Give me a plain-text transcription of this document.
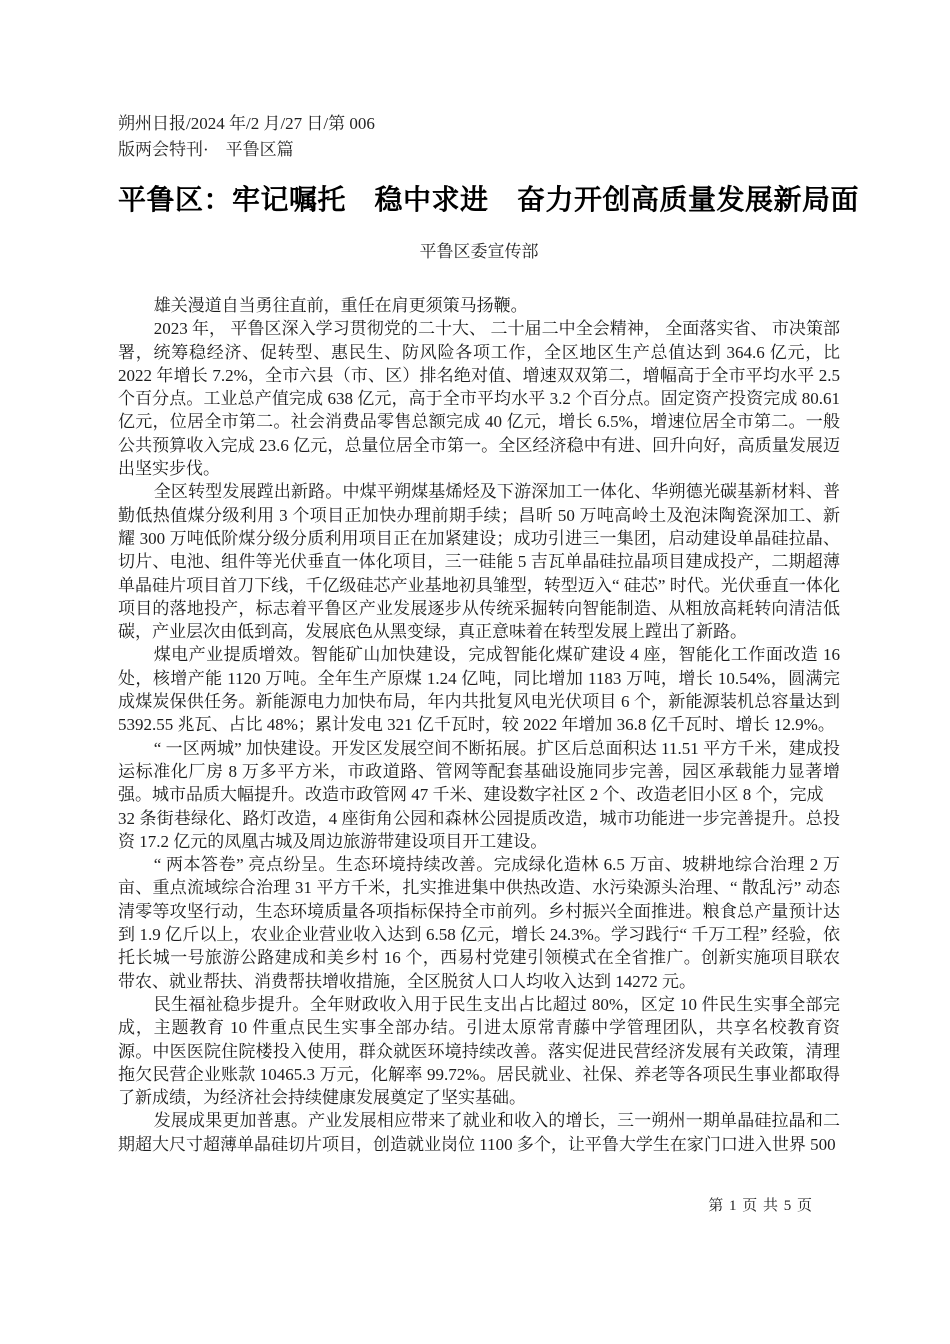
朔州日报/2024 年/2 月/27 日/第 006
版两会特刊·　平鲁区篇
平鲁区：牢记嘱托　稳中求进　奋力开创高质量发展新局面
平鲁区委宣传部

雄关漫道自当勇往直前，重任在肩更须策马扬鞭。

2023 年， 平鲁区深入学习贯彻党的二十大、 二十届二中全会精神， 全面落实省、 市决策部署，统筹稳经济、促转型、惠民生、防风险各项工作，全区地区生产总值达到 364.6 亿元，比 2022 年增长 7.2%，全市六县（市、区）排名绝对值、增速双双第二，增幅高于全市平均水平 2.5 个百分点。工业总产值完成 638 亿元，高于全市平均水平 3.2 个百分点。固定资产投资完成 80.61 亿元，位居全市第二。社会消费品零售总额完成 40 亿元，增长 6.5%，增速位居全市第二。一般公共预算收入完成 23.6 亿元，总量位居全市第一。全区经济稳中有进、回升向好，高质量发展迈出坚实步伐。

全区转型发展蹚出新路。中煤平朔煤基烯烃及下游深加工一体化、华朔德光碳基新材料、普勤低热值煤分级利用 3 个项目正加快办理前期手续；昌昕 50 万吨高岭土及泡沫陶瓷深加工、新耀 300 万吨低阶煤分级分质利用项目正在加紧建设；成功引进三一集团，启动建设单晶硅拉晶、切片、电池、组件等光伏垂直一体化项目，三一硅能 5 吉瓦单晶硅拉晶项目建成投产，二期超薄单晶硅片项目首刀下线，千亿级硅芯产业基地初具雏型，转型迈入“ 硅芯” 时代。光伏垂直一体化项目的落地投产，标志着平鲁区产业发展逐步从传统采掘转向智能制造、从粗放高耗转向清洁低碳，产业层次由低到高，发展底色从黑变绿，真正意味着在转型发展上蹚出了新路。

煤电产业提质增效。智能矿山加快建设，完成智能化煤矿建设 4 座，智能化工作面改造 16 处，核增产能 1120 万吨。全年生产原煤 1.24 亿吨，同比增加 1183 万吨，增长 10.54%，圆满完成煤炭保供任务。新能源电力加快布局，年内共批复风电光伏项目 6 个，新能源装机总容量达到5392.55 兆瓦、占比 48%；累计发电 321 亿千瓦时，较 2022 年增加 36.8 亿千瓦时、增长 12.9%。

“ 一区两城” 加快建设。开发区发展空间不断拓展。扩区后总面积达 11.51 平方千米，建成投运标准化厂房 8 万多平方米，市政道路、管网等配套基础设施同步完善，园区承载能力显著增强。城市品质大幅提升。改造市政管网 47 千米、建设数字社区 2 个、改造老旧小区 8 个，完成

32 条街巷绿化、路灯改造，4 座街角公园和森林公园提质改造，城市功能进一步完善提升。总投资 17.2 亿元的凤凰古城及周边旅游带建设项目开工建设。

“ 两本答卷” 亮点纷呈。生态环境持续改善。完成绿化造林 6.5 万亩、坡耕地综合治理 2 万亩、重点流域综合治理 31 平方千米，扎实推进集中供热改造、水污染源头治理、“ 散乱污” 动态清零等攻坚行动，生态环境质量各项指标保持全市前列。乡村振兴全面推进。粮食总产量预计达到 1.9 亿斤以上，农业企业营业收入达到 6.58 亿元，增长 24.3%。学习践行“ 千万工程” 经验，依托长城一号旅游公路建成和美乡村 16 个，西易村党建引领模式在全省推广。创新实施项目联农带农、就业帮扶、消费帮扶增收措施，全区脱贫人口人均收入达到 14272 元。

民生福祉稳步提升。全年财政收入用于民生支出占比超过 80%，区定 10 件民生实事全部完成，主题教育 10 件重点民生实事全部办结。引进太原常青藤中学管理团队，共享名校教育资源。中医医院住院楼投入使用，群众就医环境持续改善。落实促进民营经济发展有关政策，清理拖欠民营企业账款 10465.3 万元，化解率 99.72%。居民就业、社保、养老等各项民生事业都取得了新成绩，为经济社会持续健康发展奠定了坚实基础。

发展成果更加普惠。产业发展相应带来了就业和收入的增长，三一朔州一期单晶硅拉晶和二期超大尺寸超薄单晶硅切片项目，创造就业岗位 1100 多个，让平鲁大学生在家门口进入世界 500

第 1 页 共 5 页
